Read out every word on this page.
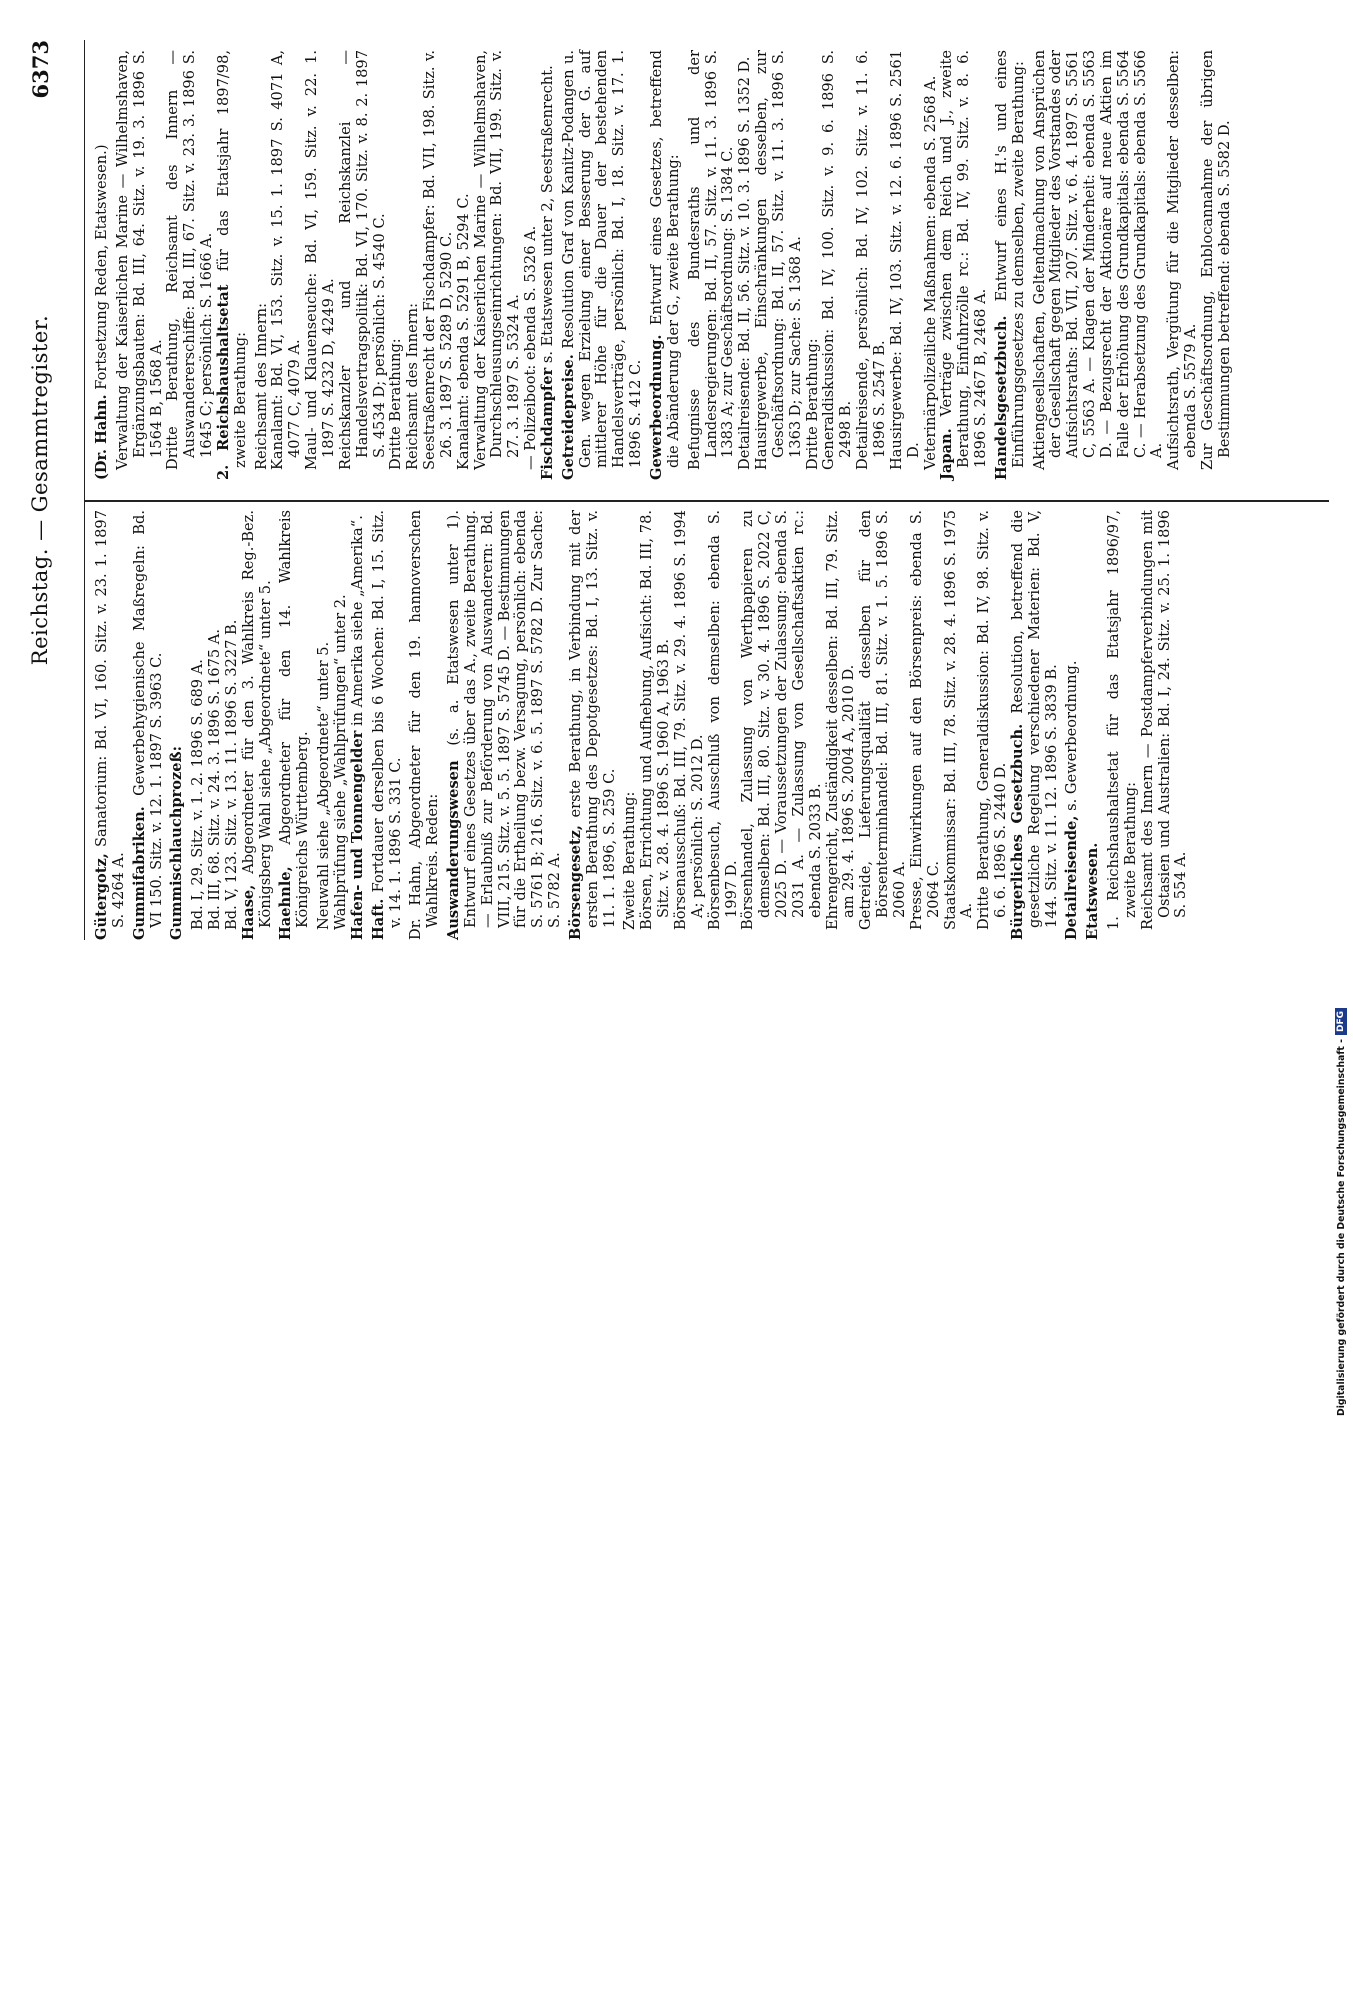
Reichstag. — Gesammtregister.
6373
Gütergotz, Sanatorium: Bd. VI, 160. Sitz. v. 23. 1. 1897 S. 4264 A. Gummifabriken. Gewerbehygienische Maßregeln: Bd. VI 150. Sitz. v. 12. 1. 1897 S. 3963 C. Gummischlauchprozeß: Bd. I, 29. Sitz. v. 1. 2. 1896 S. 689 A. Bd. III, 68. Sitz. v. 24. 3. 1896 S. 1675 A. Bd. V, 123. Sitz. v. 13. 11. 1896 S. 3227 B. Haase, Abgeordneter für den 3. Wahlkreis Reg.-Bez. Königsberg Wahl siehe „Abgeordnete“ unter 5. Haehnle, Abgeordneter für den 14. Wahlkreis Königreichs Württemberg. Neuwahl siehe „Abgeordnete“ unter 5. Wahlprüfung siehe „Wahlprüfungen“ unter 2. Hafen- und Tonnengelder in Amerika siehe „Amerika“.
Haft. Fortdauer derselben bis 6 Wochen: Bd. I, 15. Sitz. v. 14. 1. 1896 S. 331 C. Dr. Hahn, Abgeordneter für den 19. hannoverschen Wahlkreis. Reden: Auswanderungswesen (s. a. Etatswesen unter 1). Entwurf eines Gesetzes über das A., zweite Berathung. — Erlaubniß zur Beförderung von Auswanderern: Bd. VIII, 215. Sitz. v. 5. 5. 1897 S. 5745 D. — Bestimmungen für die Ertheilung bezw. Versagung, persönlich: ebenda S. 5761 B; 216. Sitz. v. 6. 5. 1897 S. 5782 D. Zur Sache: S. 5782 A. Börsengesetz, erste Berathung, in Verbindung mit der ersten Berathung des Depotgesetzes: Bd. I, 13. Sitz. v. 11. 1. 1896, S. 259 C. Zweite Berathung: Börsen, Errichtung und Aufhebung, Aufsicht: Bd. III, 78. Sitz. v. 28. 4. 1896 S. 1960 A, 1963 B. Börsenausschuß: Bd. III, 79. Sitz. v. 29. 4. 1896 S. 1994 A; persönlich: S. 2012 D. Börsenbesuch, Ausschluß von demselben: ebenda S. 1997 D. Börsenhandel, Zulassung von Werthpapieren zu demselben: Bd. III, 80. Sitz. v. 30. 4. 1896 S. 2022 C, 2025 D. — Voraussetzungen der Zulassung: ebenda S. 2031 A. — Zulassung von Gesellschaftsaktien rc.: ebenda S. 2033 B. Ehrengericht, Zuständigkeit desselben: Bd. III, 79. Sitz. am 29. 4. 1896 S. 2004 A, 2010 D. Getreide, Lieferungsqualität desselben für den Börsenterminhandel: Bd. III, 81. Sitz. v. 1. 5. 1896 S. 2060 A. Presse, Einwirkungen auf den Börsenpreis: ebenda S. 2064 C. Staatskommissar: Bd. III, 78. Sitz. v. 28. 4. 1896 S. 1975 A. Dritte Berathung, Generaldiskussion: Bd. IV, 98. Sitz. v. 6. 6. 1896 S. 2440 D. Bürgerliches Gesetzbuch. Resolution, betreffend die gesetzliche Regelung verschiedener Materien: Bd. V, 144. Sitz. v. 11. 12. 1896 S. 3839 B. Detailreisende, s. Gewerbeordnung.
Etatswesen. 1. Reichshaushaltsetat für das Etatsjahr 1896/97, zweite Berathung: Reichsamt des Innern — Postdampferverbindungen mit Ostasien und Australien: Bd. I, 24. Sitz. v. 25. 1. 1896 S. 554 A.
(Dr. Hahn. Fortsetzung Reden, Etatswesen.) Verwaltung der Kaiserlichen Marine — Wilhelmshaven, Ergänzungsbauten: Bd. III, 64. Sitz. v. 19. 3. 1896 S. 1564 B, 1568 A. Dritte Berathung, Reichsamt des Innern — Auswandererschiffe: Bd. III, 67. Sitz. v. 23. 3. 1896 S. 1645 C; persönlich: S. 1666 A. 2. Reichshaushaltsetat für das Etatsjahr 1897/98, zweite Berathung: Reichsamt des Innern: Kanalamt: Bd. VI, 153. Sitz. v. 15. 1. 1897 S. 4071 A, 4077 C, 4079 A. Maul- und Klauenseuche: Bd. VI, 159. Sitz. v. 22. 1. 1897 S. 4232 D, 4249 A. Reichskanzler und Reichskanzlei — Handelsvertragspolitik: Bd. VI, 170. Sitz. v. 8. 2. 1897 S. 4534 D; persönlich: S. 4540 C. Dritte Berathung: Reichsamt des Innern: Seestraßenrecht der Fischdampfer: Bd. VII, 198. Sitz. v. 26. 3. 1897 S. 5289 D, 5290 C. Kanalamt: ebenda S. 5291 B, 5294 C. Verwaltung der Kaiserlichen Marine — Wilhelmshaven, Durchschleusungseinrichtungen: Bd. VII, 199. Sitz. v. 27. 3. 1897 S. 5324 A. — Polizeiboot: ebenda S. 5326 A. Fischdampfer s. Etatswesen unter 2, Seestraßenrecht.
Getreidepreise. Resolution Graf von Kanitz-Podangen u. Gen. wegen Erzielung einer Besserung der G. auf mittlerer Höhe für die Dauer der bestehenden Handelsverträge, persönlich: Bd. I, 18. Sitz. v. 17. 1. 1896 S. 412 C. Gewerbeordnung. Entwurf eines Gesetzes, betreffend die Abänderung der G., zweite Berathung: Befugnisse des Bundesraths und der Landesregierungen: Bd. II, 57. Sitz. v. 11. 3. 1896 S. 1383 A; zur Geschäftsordnung: S. 1384 C. Detailreisende: Bd. II, 56. Sitz. v. 10. 3. 1896 S. 1352 D. Hausirgewerbe, Einschränkungen desselben, zur Geschäftsordnung: Bd. II, 57. Sitz. v. 11. 3. 1896 S. 1363 D; zur Sache: S. 1368 A. Dritte Berathung: Generaldiskussion: Bd. IV, 100. Sitz. v. 9. 6. 1896 S. 2498 B. Detailreisende, persönlich: Bd. IV, 102. Sitz. v. 11. 6. 1896 S. 2547 B. Hausirgewerbe: Bd. IV, 103. Sitz. v. 12. 6. 1896 S. 2561 D. Veterinärpolizeiliche Maßnahmen: ebenda S. 2568 A. Japan. Verträge zwischen dem Reich und J., zweite Berathung, Einfuhrzölle rc.: Bd. IV, 99. Sitz. v. 8. 6. 1896 S. 2467 B, 2468 A. Handelsgesetzbuch. Entwurf eines H.'s und eines Einführungsgesetzes zu demselben, zweite Berathung: Aktiengesellschaften, Geltendmachung von Ansprüchen der Gesellschaft gegen Mitglieder des Vorstandes oder Aufsichtsraths: Bd. VII, 207. Sitz. v. 6. 4. 1897 S. 5561 C, 5563 A. — Klagen der Minderheit: ebenda S. 5563 D. — Bezugsrecht der Aktionäre auf neue Aktien im Falle der Erhöhung des Grundkapitals: ebenda S. 5564 C. — Herabsetzung des Grundkapitals: ebenda S. 5566 A. Aufsichtsrath, Vergütung für die Mitglieder desselben: ebenda S. 5579 A. Zur Geschäftsordnung, Enblocannahme der übrigen Bestimmungen betreffend: ebenda S. 5582 D.
Digitalisierung gefördert durch die Deutsche Forschungsgemeinschaft -
DFG
